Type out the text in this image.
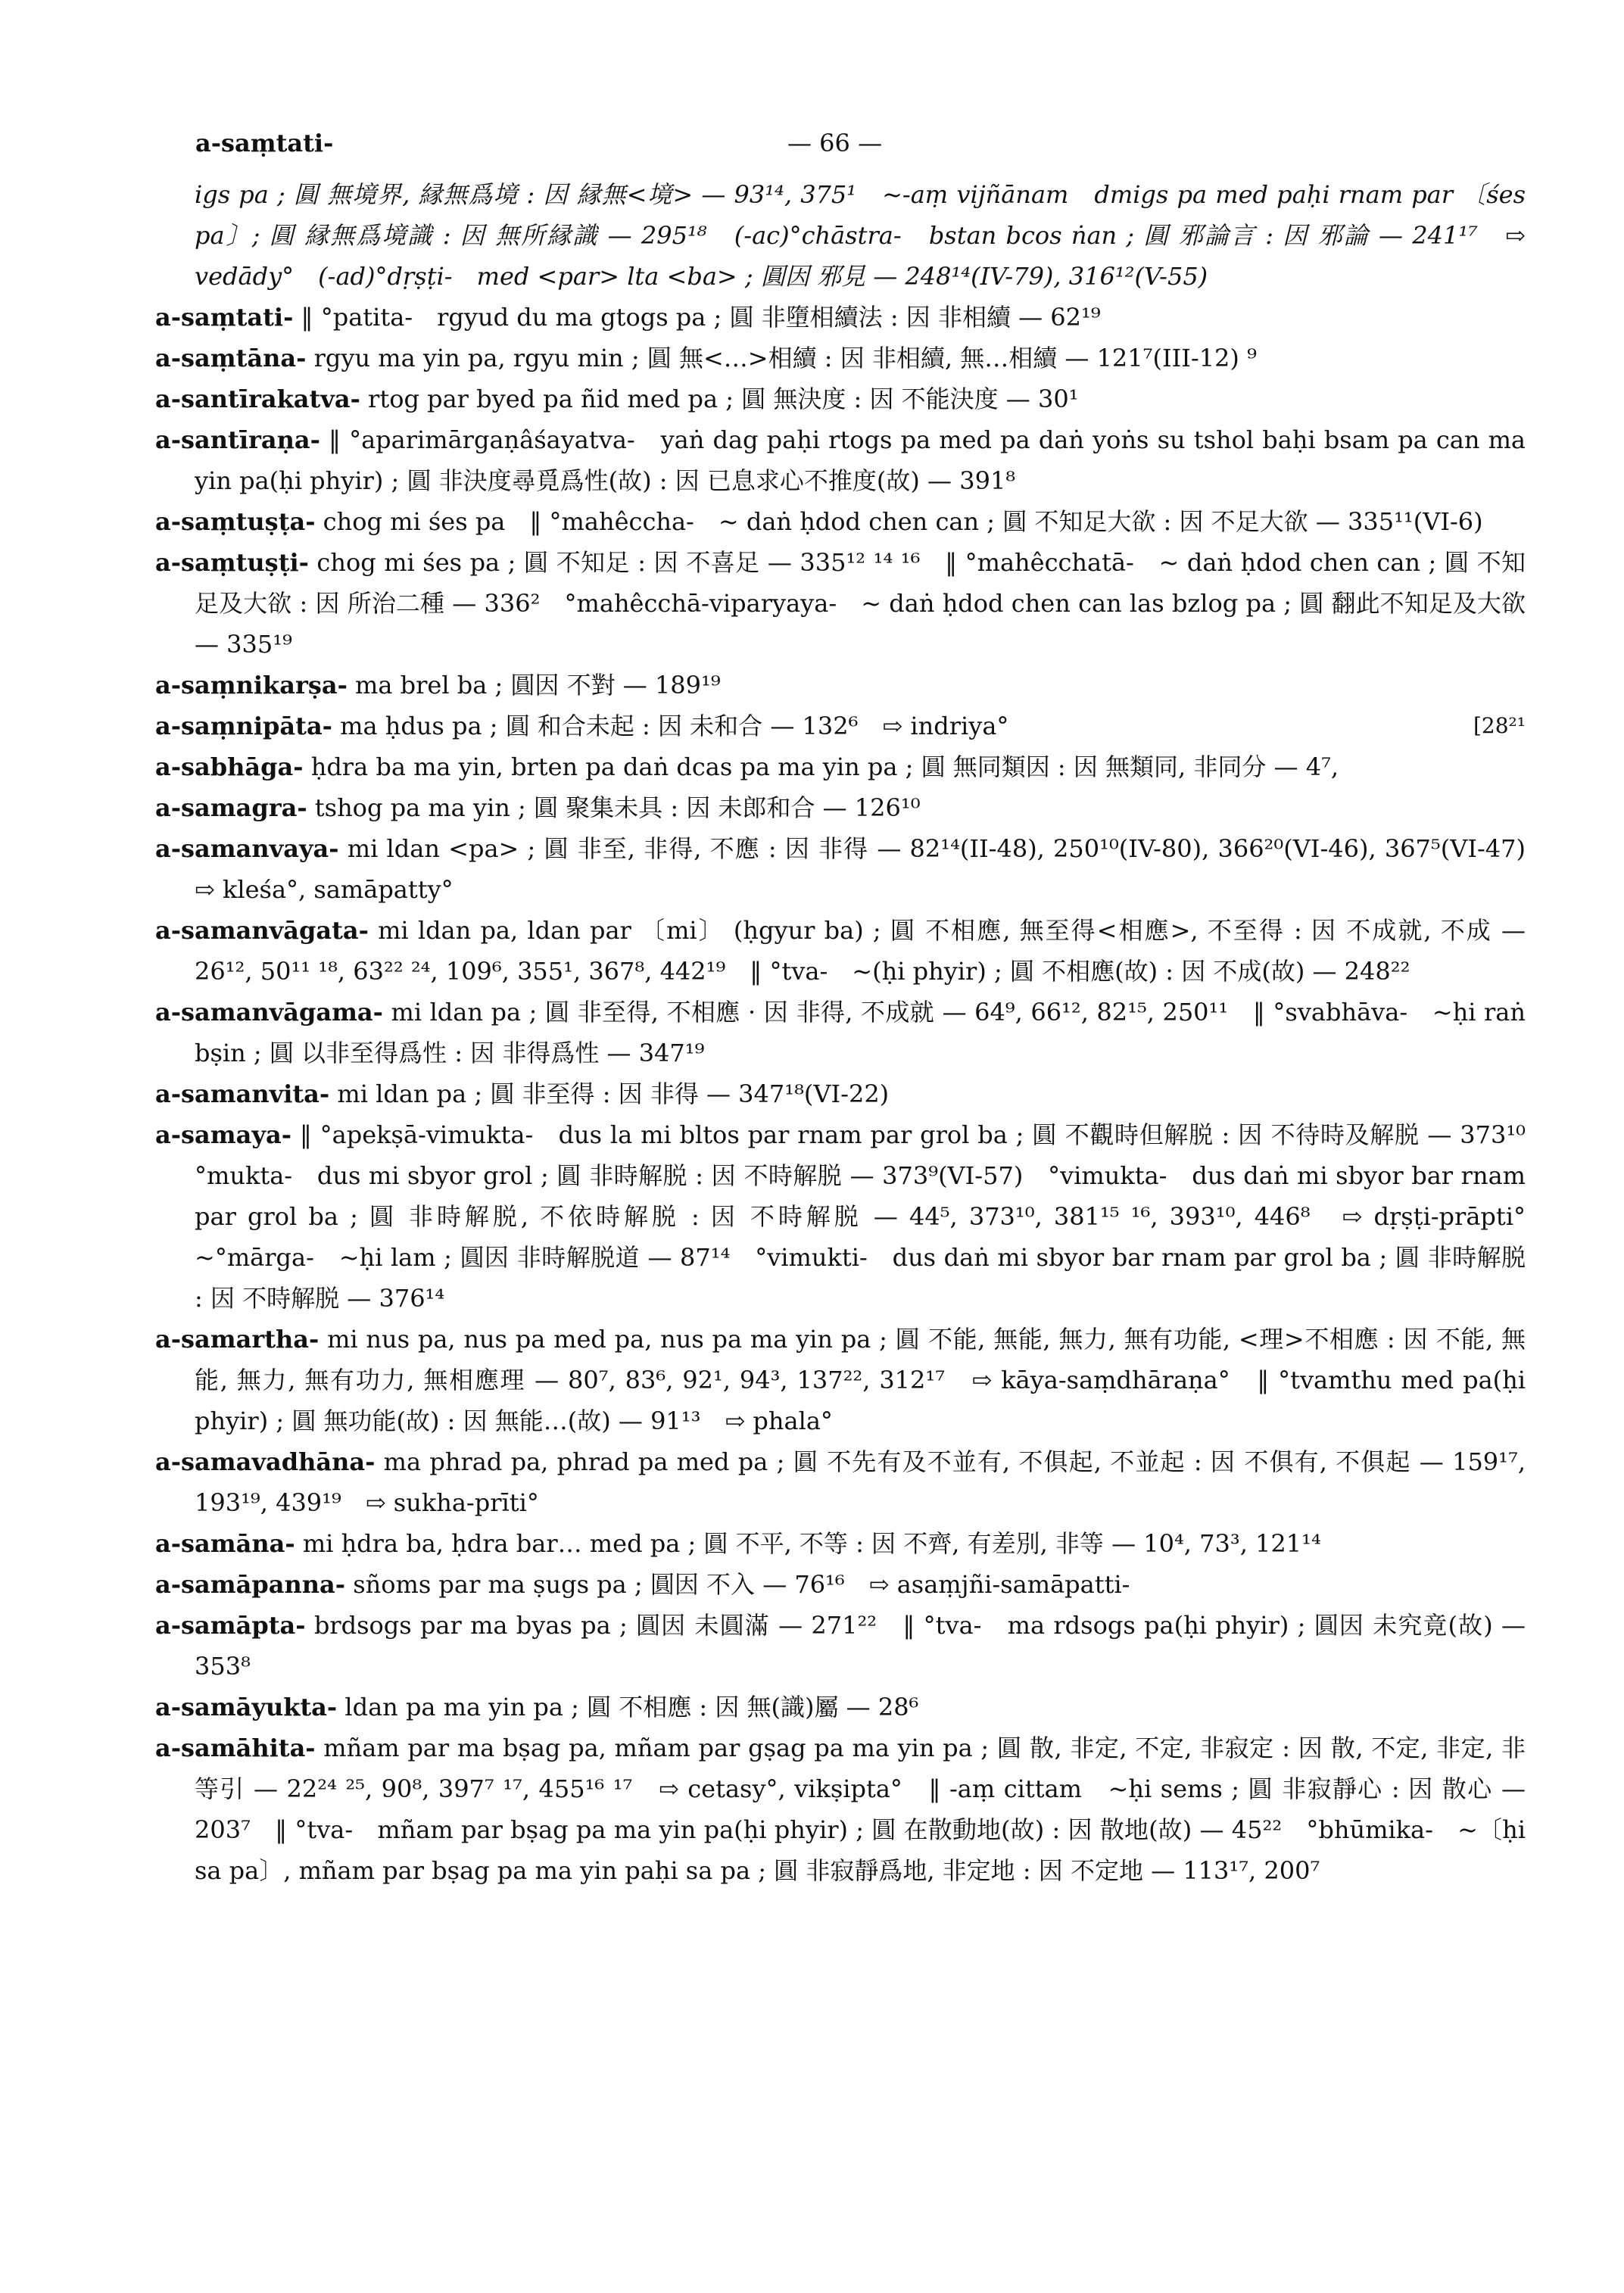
a-saṃtati-	— 66 —
igs pa ; 圓 無境界, 縁無爲境 : 因 縁無<境> — 93¹⁴, 375¹　~-aṃ vijñānam　dmigs pa med paḥi rnam par 〔śes pa〕; 圓 縁無爲境識 : 因 無所縁識 — 295¹⁸　(-ac)°chāstra-　bstan bcos ṅan ; 圓 邪論言 : 因 邪論 — 241¹⁷　⇨ vedādy°　(-ad)°dṛṣṭi-　med <par> lta <ba> ; 圓因 邪見 — 248¹⁴(IV-79), 316¹²(V-55)
a-saṃtati- ‖ °patita-　rgyud du ma gtogs pa ; 圓 非墮相續法 : 因 非相續 — 62¹⁹
a-saṃtāna- rgyu ma yin pa, rgyu min ; 圓 無<…>相續 : 因 非相續, 無…相續 — 121⁷(III-12) ⁹
a-santīrakatva- rtog par byed pa ñid med pa ; 圓 無決度 : 因 不能決度 — 30¹
a-santīraṇa- ‖ °aparimārgaṇâśayatva-　yaṅ dag paḥi rtogs pa med pa daṅ yoṅs su tshol baḥi bsam pa can ma yin pa(ḥi phyir) ; 圓 非決度尋覓爲性(故) : 因 已息求心不推度(故) — 391⁸
a-saṃtuṣṭa- chog mi śes pa　‖ °mahêccha-　~ daṅ ḥdod chen can ; 圓 不知足大欲 : 因 不足大欲 — 335¹¹(VI-6)
a-saṃtuṣṭi- chog mi śes pa ; 圓 不知足 : 因 不喜足 — 335¹² ¹⁴ ¹⁶　‖ °mahêcchatā-　~ daṅ ḥdod chen can ; 圓 不知足及大欲 : 因 所治二種 — 336²　°mahêcchā-viparyaya-　~ daṅ ḥdod chen can las bzlog pa ; 圓 翻此不知足及大欲 — 335¹⁹
a-saṃnikarṣa- ma brel ba ; 圓因 不對 — 189¹⁹
a-saṃnipāta- ma ḥdus pa ; 圓 和合未起 : 因 未和合 — 132⁶　⇨ indriya°	[28²¹
a-sabhāga- ḥdra ba ma yin, brten pa daṅ dcas pa ma yin pa ; 圓 無同類因 : 因 無類同, 非同分 — 4⁷,
a-samagra- tshog pa ma yin ; 圓 聚集未具 : 因 未郎和合 — 126¹⁰
a-samanvaya- mi ldan <pa> ; 圓 非至, 非得, 不應 : 因 非得 — 82¹⁴(II-48), 250¹⁰(IV-80), 366²⁰(VI-46), 367⁵(VI-47)　⇨ kleśa°, samāpatty°
a-samanvāgata- mi ldan pa, ldan par 〔mi〕 (ḥgyur ba) ; 圓 不相應, 無至得<相應>, 不至得 : 因 不成就, 不成 — 26¹², 50¹¹ ¹⁸, 63²² ²⁴, 109⁶, 355¹, 367⁸, 442¹⁹　‖ °tva-　~(ḥi phyir) ; 圓 不相應(故) : 因 不成(故) — 248²²
a-samanvāgama- mi ldan pa ; 圓 非至得, 不相應 · 因 非得, 不成就 — 64⁹, 66¹², 82¹⁵, 250¹¹　‖ °svabhāva-　~ḥi raṅ bṣin ; 圓 以非至得爲性 : 因 非得爲性 — 347¹⁹
a-samanvita- mi ldan pa ; 圓 非至得 : 因 非得 — 347¹⁸(VI-22)
a-samaya- ‖ °apekṣā-vimukta-　dus la mi bltos par rnam par grol ba ; 圓 不觀時但解脱 : 因 不待時及解脱 — 373¹⁰　°mukta-　dus mi sbyor grol ; 圓 非時解脱 : 因 不時解脱 — 373⁹(VI-57)　°vimukta-　dus daṅ mi sbyor bar rnam par grol ba ; 圓 非時解脱, 不依時解脱 : 因 不時解脱 — 44⁵, 373¹⁰, 381¹⁵ ¹⁶, 393¹⁰, 446⁸　⇨ dṛṣṭi-prāpti°　~°mārga-　~ḥi lam ; 圓因 非時解脱道 — 87¹⁴　°vimukti-　dus daṅ mi sbyor bar rnam par grol ba ; 圓 非時解脱 : 因 不時解脱 — 376¹⁴
a-samartha- mi nus pa, nus pa med pa, nus pa ma yin pa ; 圓 不能, 無能, 無力, 無有功能, <理>不相應 : 因 不能, 無能, 無力, 無有功力, 無相應理 — 80⁷, 83⁶, 92¹, 94³, 137²², 312¹⁷　⇨ kāya-saṃdhāraṇa°　‖ °tvamthu med pa(ḥi phyir) ; 圓 無功能(故) : 因 無能…(故) — 91¹³　⇨ phala°
a-samavadhāna- ma phrad pa, phrad pa med pa ; 圓 不先有及不並有, 不俱起, 不並起 : 因 不俱有, 不俱起 — 159¹⁷, 193¹⁹, 439¹⁹　⇨ sukha-prīti°
a-samāna- mi ḥdra ba, ḥdra bar… med pa ; 圓 不平, 不等 : 因 不齊, 有差別, 非等 — 10⁴, 73³, 121¹⁴
a-samāpanna- sñoms par ma ṣugs pa ; 圓因 不入 — 76¹⁶　⇨ asaṃjñi-samāpatti-
a-samāpta- brdsogs par ma byas pa ; 圓因 未圓滿 — 271²²　‖ °tva-　ma rdsogs pa(ḥi phyir) ; 圓因 未究竟(故) — 353⁸
a-samāyukta- ldan pa ma yin pa ; 圓 不相應 : 因 無(識)屬 — 28⁶
a-samāhita- mñam par ma bṣag pa, mñam par gṣag pa ma yin pa ; 圓 散, 非定, 不定, 非寂定 : 因 散, 不定, 非定, 非等引 — 22²⁴ ²⁵, 90⁸, 397⁷ ¹⁷, 455¹⁶ ¹⁷　⇨ cetasy°, vikṣipta°　‖ -aṃ cittam　~ḥi sems ; 圓 非寂靜心 : 因 散心 — 203⁷　‖ °tva-　mñam par bṣag pa ma yin pa(ḥi phyir) ; 圓 在散動地(故) : 因 散地(故) — 45²²　°bhūmika-　~〔ḥi sa pa〕, mñam par bṣag pa ma yin paḥi sa pa ; 圓 非寂靜爲地, 非定地 : 因 不定地 — 113¹⁷, 200⁷
